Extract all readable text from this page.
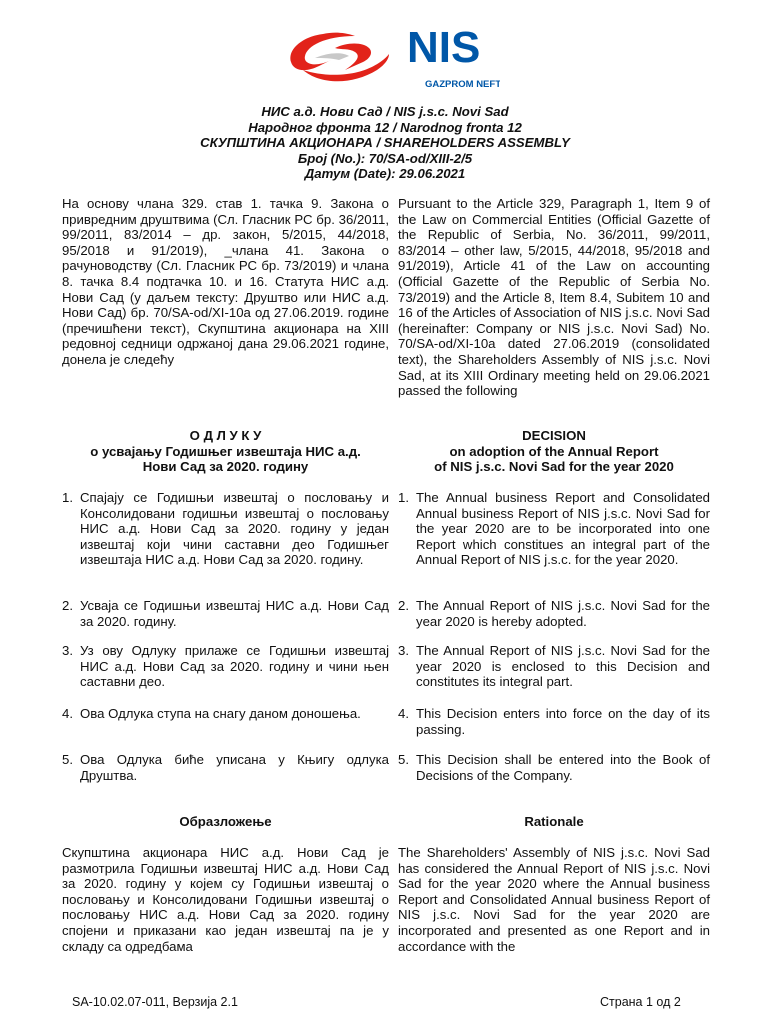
NIS
GAZPROM NEFT
НИС а.д. Нови Сад / NIS j.s.c. Novi Sad
Народног фронта 12 / Narodnog fronta 12
СКУПШТИНА АКЦИОНАРА / SHAREHOLDERS ASSEMBLY
Број (No.): 70/SA-od/XIII-2/5
Датум (Date): 29.06.2021
На основу члана 329. став 1. тачка 9. Закона о привредним друштвима (Сл. Гласник РС бр. 36/2011, 99/2011, 83/2014 – др. закон, 5/2015, 44/2018, 95/2018 и 91/2019), _члана 41. Закона о рачуноводству (Сл. Гласник РС бр. 73/2019) и члана 8. тачка 8.4 подтачка 10. и 16. Статута НИС а.д. Нови Сад (у даљем тексту: Друштво или НИС а.д. Нови Сад) бр. 70/SA-od/XI-10a од 27.06.2019. године (пречишћени текст), Скупштина акционара на XIII редовној седници одржаној дана 29.06.2021 године, донела је следећу
Pursuant to the Article 329, Paragraph 1, Item 9 of the Law on Commercial Entities (Official Gazette of the Republic of Serbia, No. 36/2011, 99/2011, 83/2014 – other law, 5/2015, 44/2018, 95/2018 and 91/2019), Article 41 of the Law on accounting (Official Gazette of the Republic of Serbia No. 73/2019) and the Article 8, Item 8.4, Subitem 10 and 16 of the Articles of Association of NIS j.s.c. Novi Sad (hereinafter: Company or NIS j.s.c. Novi Sad) No. 70/SA-od/XI-10a dated 27.06.2019 (consolidated text), the Shareholders Assembly of NIS j.s.c. Novi Sad, at its XIII Ordinary meeting held on 29.06.2021 passed the following
О Д Л У К У
о усвајању Годишњег извештаја НИС а.д.
Нови Сад за 2020. годину
DECISION
on adoption of the Annual Report
of NIS j.s.c. Novi Sad for the year 2020
1. Спајају се Годишњи извештај о пословању и Консолидовани годишњи извештај о пословању НИС а.д. Нови Сад за 2020. годину у један извештај који чини саставни део Годишњег извештаја НИС а.д. Нови Сад за 2020. годину.
1. The Annual business Report and Consolidated Annual business Report of NIS j.s.c. Novi Sad for the year 2020 are to be incorporated into one Report which constitues an integral part of the Annual Report of NIS j.s.c. for the year 2020.
2. Усваја се Годишњи извештај НИС а.д. Нови Сад за 2020. годину.
2. The Annual Report of NIS j.s.c. Novi Sad for the year 2020 is hereby adopted.
3. Уз ову Одлуку прилаже се Годишњи извештај НИС а.д. Нови Сад за 2020. годину и чини њен саставни део.
3. The Annual Report of NIS j.s.c. Novi Sad for the year 2020 is enclosed to this Decision and constitutes its integral part.
4. Ова Одлука ступа на снагу даном доношења.	4. This Decision enters into force on the day of its passing.
5. Ова Одлука биће уписана у Књигу одлука Друштва.
5. This Decision shall be entered into the Book of Decisions of the Company.
Образложење	Rationale
Скупштина акционара НИС а.д. Нови Сад је размотрила Годишњи извештај НИС а.д. Нови Сад за 2020. годину у којем су Годишњи извештај о пословању и Консолидовани Годишњи извештај о пословању НИС а.д. Нови Сад за 2020. годину спојени и приказани као један извештај па је у складу са одредбама
The Shareholders' Assembly of NIS j.s.c. Novi Sad has considered the Annual Report of NIS j.s.c. Novi Sad for the year 2020 where the Annual business Report and Consolidated Annual business Report of NIS j.s.c. Novi Sad for the year 2020 are incorporated and presented as one Report and in accordance with the
SA-10.02.07-011, Верзија 2.1	Страна 1 од 2
